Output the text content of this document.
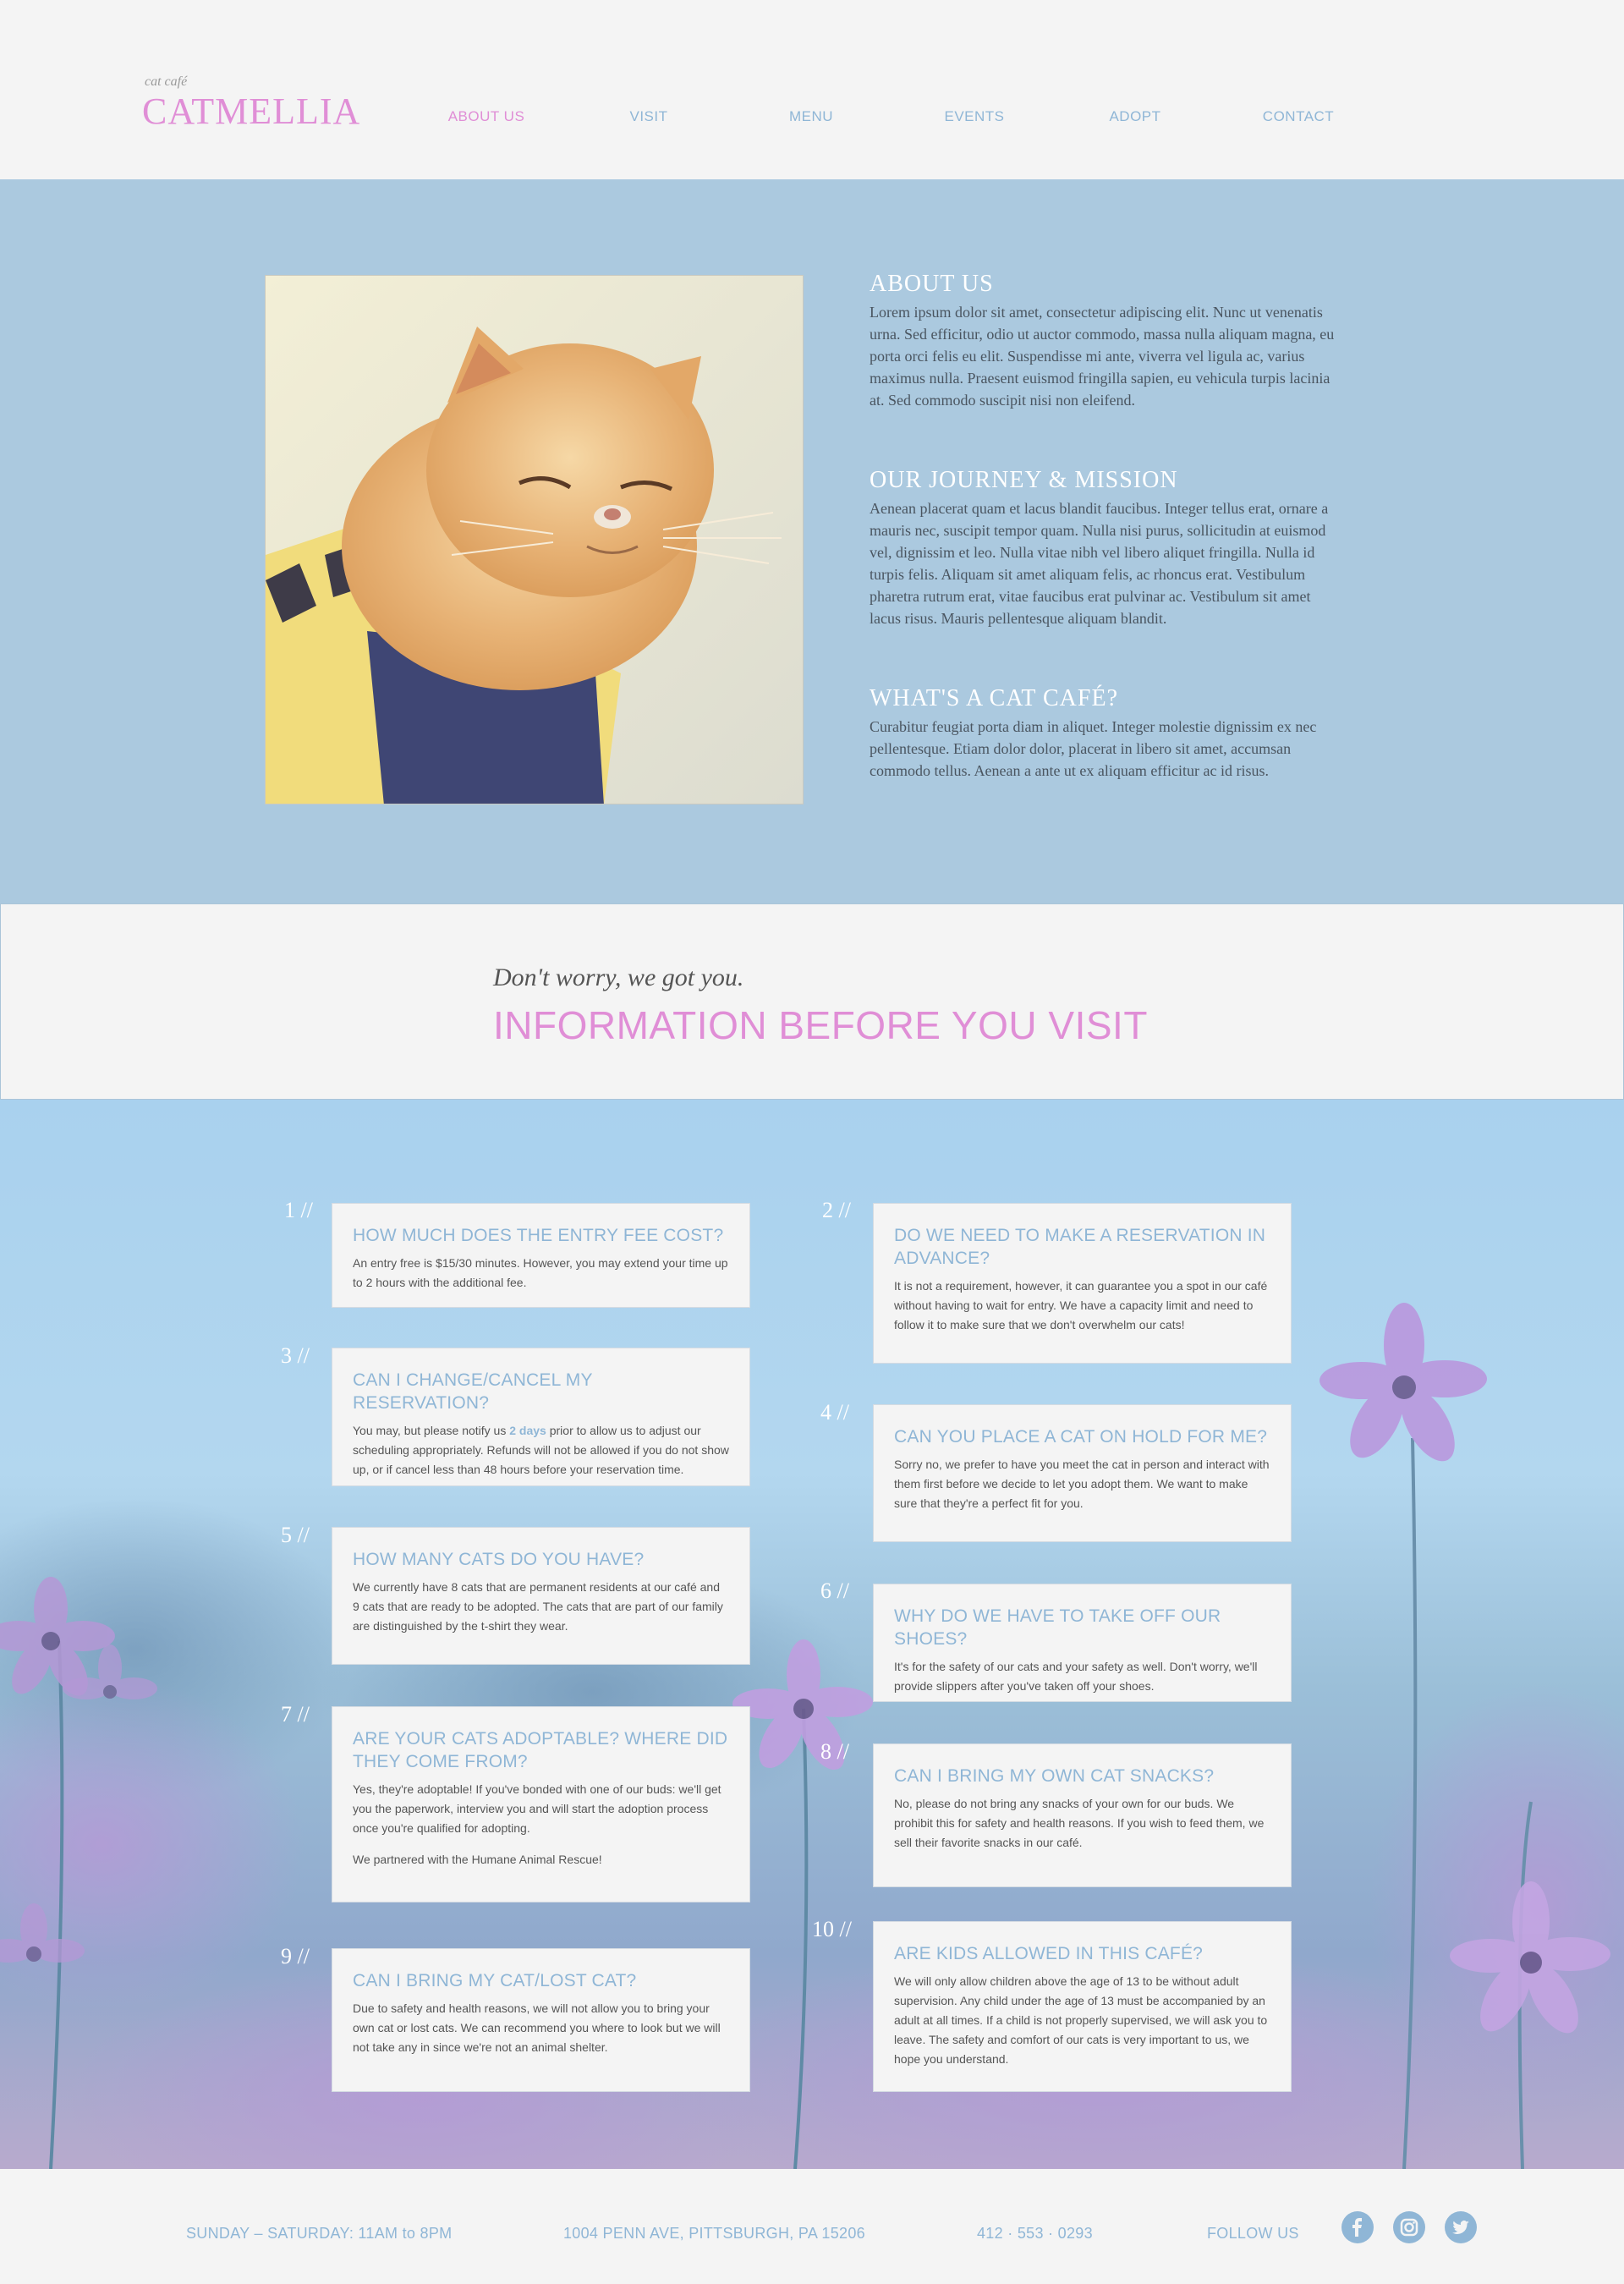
cat café
CATMELLIA	ABOUT US	VISIT	MENU	EVENTS	ADOPT	CONTACT
ABOUT US

Lorem ipsum dolor sit amet, consectetur adipiscing elit. Nunc ut venenatis urna. Sed efficitur, odio ut auctor commodo, massa nulla aliquam magna, eu porta orci felis eu elit. Suspendisse mi ante, viverra vel ligula ac, varius maximus nulla. Praesent euismod fringilla sapien, eu vehicula turpis lacinia at. Sed commodo suscipit nisi non eleifend.

OUR JOURNEY & MISSION

Aenean placerat quam et lacus blandit faucibus. Integer tellus erat, ornare a mauris nec, suscipit tempor quam. Nulla nisi purus, sollicitudin at euismod vel, dignissim et leo. Nulla vitae nibh vel libero aliquet fringilla. Nulla id turpis felis. Aliquam sit amet aliquam felis, ac rhoncus erat. Vestibulum pharetra rutrum erat, vitae faucibus erat pulvinar ac. Vestibulum sit amet lacus risus. Mauris pellentesque aliquam blandit.

WHAT'S A CAT CAFÉ?

Curabitur feugiat porta diam in aliquet. Integer molestie dignissim ex nec pellentesque. Etiam dolor dolor, placerat in libero sit amet, accumsan commodo tellus. Aenean a ante ut ex aliquam efficitur ac id risus.

Don't worry, we got you.
INFORMATION BEFORE YOU VISIT
1 //
HOW MUCH DOES THE ENTRY FEE COST?
An entry free is $15/30 minutes. However, you may extend your time up to 2 hours with the additional fee.
2 //
DO WE NEED TO MAKE A RESERVATION IN ADVANCE?
It is not a requirement, however, it can guarantee you a spot in our café without having to wait for entry. We have a capacity limit and need to follow it to make sure that we don't overwhelm our cats!
3 //
CAN I CHANGE/CANCEL MY RESERVATION?
You may, but please notify us 2 days prior to allow us to adjust our scheduling appropriately. Refunds will not be allowed if you do not show up, or if cancel less than 48 hours before your reservation time.
4 //
CAN YOU PLACE A CAT ON HOLD FOR ME?
Sorry no, we prefer to have you meet the cat in person and interact with them first before we decide to let you adopt them. We want to make sure that they're a perfect fit for you.
5 //
HOW MANY CATS DO YOU HAVE?
We currently have 8 cats that are permanent residents at our café and 9 cats that are ready to be adopted. The cats that are part of our family are distinguished by the t-shirt they wear.
6 //
WHY DO WE HAVE TO TAKE OFF OUR SHOES?
It's for the safety of our cats and your safety as well. Don't worry, we'll provide slippers after you've taken off your shoes.
7 //
ARE YOUR CATS ADOPTABLE? WHERE DID THEY COME FROM?
Yes, they're adoptable! If you've bonded with one of our buds: we'll get you the paperwork, interview you and will start the adoption process once you're qualified for adopting.
We partnered with the Humane Animal Rescue!
8 //
CAN I BRING MY OWN CAT SNACKS?
No, please do not bring any snacks of your own for our buds. We prohibit this for safety and health reasons. If you wish to feed them, we sell their favorite snacks in our café.
9 //
CAN I BRING MY CAT/LOST CAT?
Due to safety and health reasons, we will not allow you to bring your own cat or lost cats. We can recommend you where to look but we will not take any in since we're not an animal shelter.
10 //
ARE KIDS ALLOWED IN THIS CAFÉ?
We will only allow children above the age of 13 to be without adult supervision. Any child under the age of 13 must be accompanied by an adult at all times. If a child is not properly supervised, we will ask you to leave. The safety and comfort of our cats is very important to us, we hope you understand.
SUNDAY – SATURDAY: 11AM to 8PM	1004 PENN AVE, PITTSBURGH, PA 15206	412 · 553 · 0293	FOLLOW US
